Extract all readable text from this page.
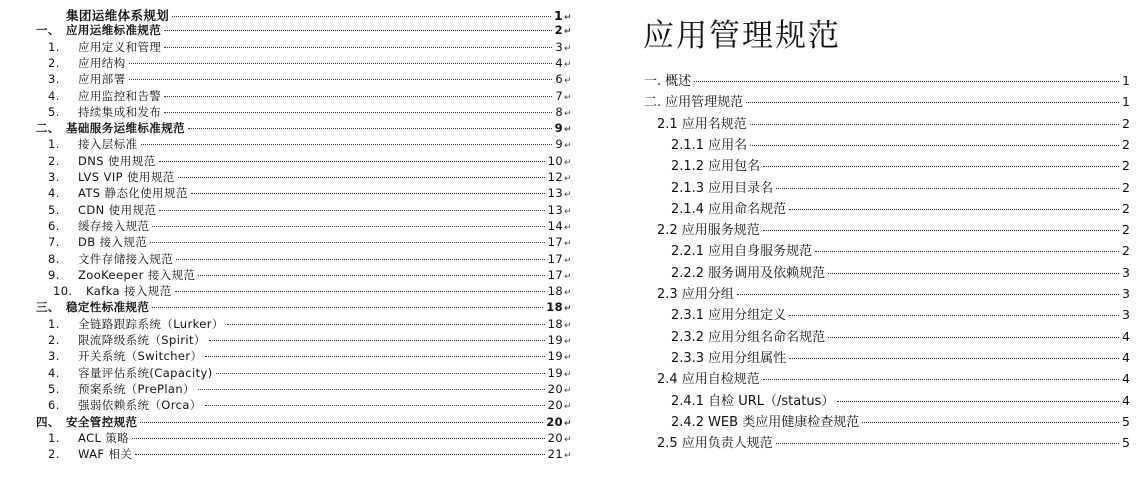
集团运维体系规划	1 ↵
一、 应用运维标准规范	2 ↵
1.	应用定义和管理	3 ↵
2.	应用结构	4 ↵
3.	应用部署	6 ↵
4.	应用监控和告警	7 ↵
5.	持续集成和发布	8 ↵
二、 基础服务运维标准规范	9 ↵
1.	接入层标准	9 ↵
2.	DNS 使用规范	10 ↵
3.	LVS VIP 使用规范	12 ↵
4.	ATS 静态化使用规范	13 ↵
5.	CDN 使用规范	13 ↵
6.	缓存接入规范	14 ↵
7.	DB 接入规范	17 ↵
8.	文件存储接入规范	17 ↵
9.	ZooKeeper 接入规范	17 ↵
10.	Kafka 接入规范	18 ↵
三、 稳定性标准规范	18 ↵
1.	全链路跟踪系统（Lurker）	18 ↵
2.	限流降级系统（Spirit）	19 ↵
3.	开关系统（Switcher）	19 ↵
4.	容量评估系统(Capacity)	19 ↵
5.	预案系统（PrePlan）	20 ↵
6.	强弱依赖系统（Orca）	20 ↵
四、 安全管控规范	20 ↵
1.	ACL 策略	20 ↵
2.	WAF 相关	21 ↵
应用管理规范
一. 概述	1
二. 应用管理规范	1
2.1 应用名规范	2
2.1.1 应用名	2
2.1.2 应用包名	2
2.1.3 应用目录名	2
2.1.4 应用命名规范	2
2.2 应用服务规范	2
2.2.1 应用自身服务规范	2
2.2.2 服务调用及依赖规范	3
2.3 应用分组	3
2.3.1 应用分组定义	3
2.3.2 应用分组名命名规范	4
2.3.3 应用分组属性	4
2.4 应用自检规范	4
2.4.1 自检 URL（/status）	4
2.4.2 WEB 类应用健康检查规范	5
2.5 应用负责人规范	5
